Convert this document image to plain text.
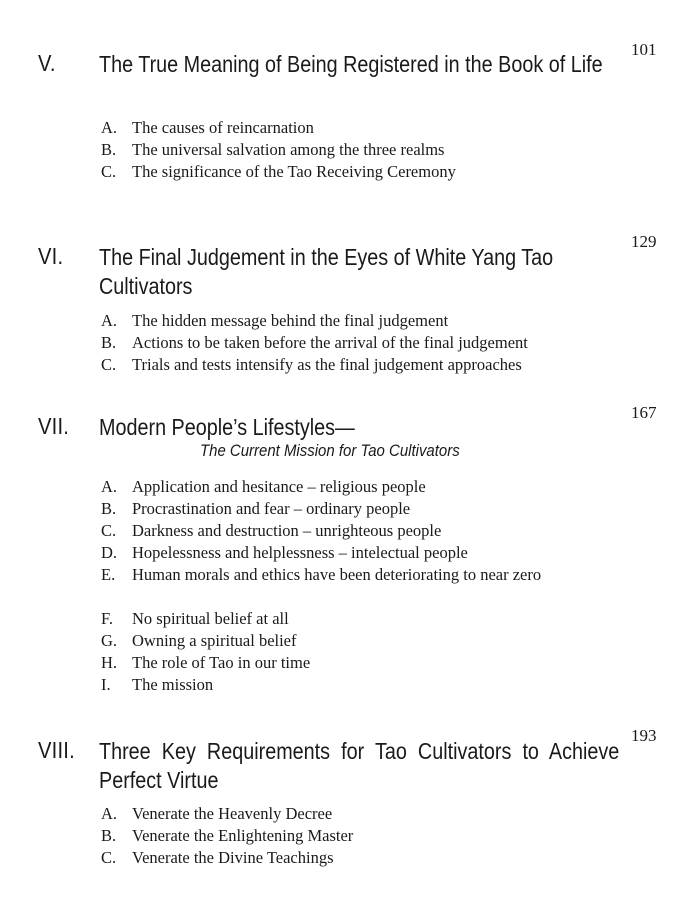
V. The True Meaning of Being Registered in the Book of Life
101
A. The causes of reincarnation
B. The universal salvation among the three realms
C. The significance of the Tao Receiving Ceremony
VI. The Final Judgement in the Eyes of White Yang Tao Cultivators
129
A. The hidden message behind the final judgement
B. Actions to be taken before the arrival of the final judgement
C. Trials and tests intensify as the final judgement approaches
VII. Modern People’s Lifestyles—
The Current Mission for Tao Cultivators
167
A. Application and hesitance – religious people
B. Procrastination and fear – ordinary people
C. Darkness and destruction – unrighteous people
D. Hopelessness and helplessness – intelectual people
E. Human morals and ethics have been deteriorating to near zero
F. No spiritual belief at all
G. Owning a spiritual belief
H. The role of Tao in our time
I. The mission
VIII. Three Key Requirements for Tao Cultivators to Achieve Perfect Virtue
193
A. Venerate the Heavenly Decree
B. Venerate the Enlightening Master
C. Venerate the Divine Teachings
